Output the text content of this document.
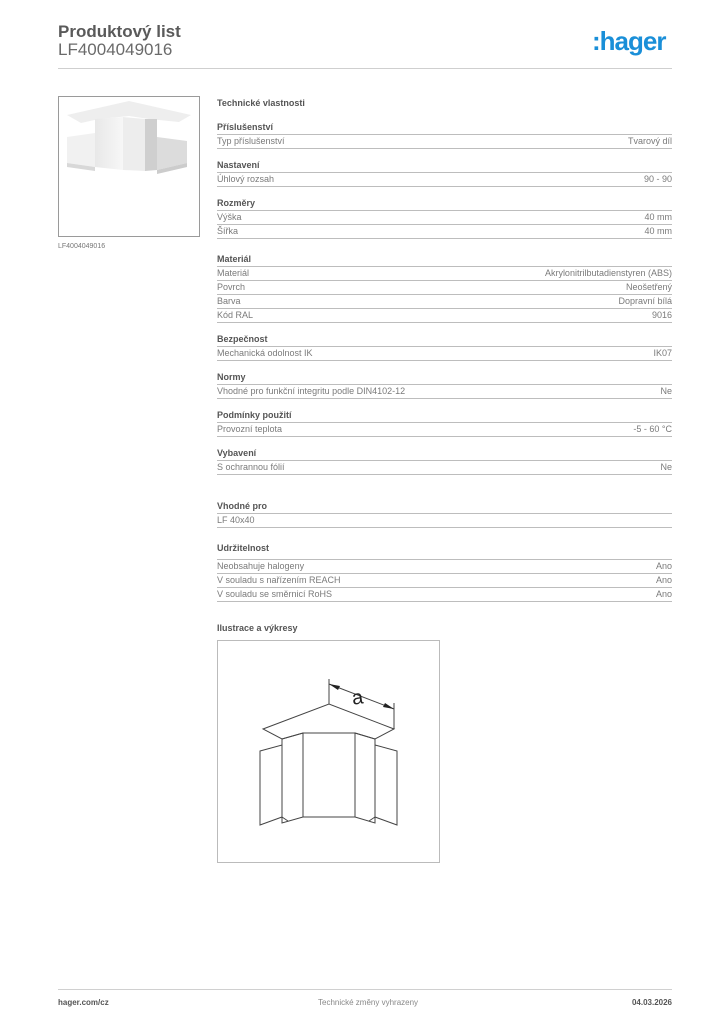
Produktový list
LF4004049016	:hager
LF4004049016
Technické vlastnosti
Příslušenství
Typ příslušenství	Tvarový díl
Nastavení
Úhlový rozsah	90 - 90
Rozměry
Výška	40 mm
Šířka	40 mm
Materiál
Materiál	Akrylonitrilbutadienstyren (ABS)
Povrch	Neošetřený
Barva	Dopravní bílá
Kód RAL	9016
Bezpečnost
Mechanická odolnost IK	IK07
Normy
Vhodné pro funkční integritu podle DIN4102-12	Ne
Podmínky použití
Provozní teplota	-5 - 60 °C
Vybavení
S ochrannou fólií	Ne
Vhodné pro
LF 40x40
Udržitelnost
Neobsahuje halogeny	Ano
V souladu s nařízením REACH	Ano
V souladu se směrnicí RoHS	Ano
Ilustrace a výkresy
a
hager.com/cz	Technické změny vyhrazeny	04.03.2026
